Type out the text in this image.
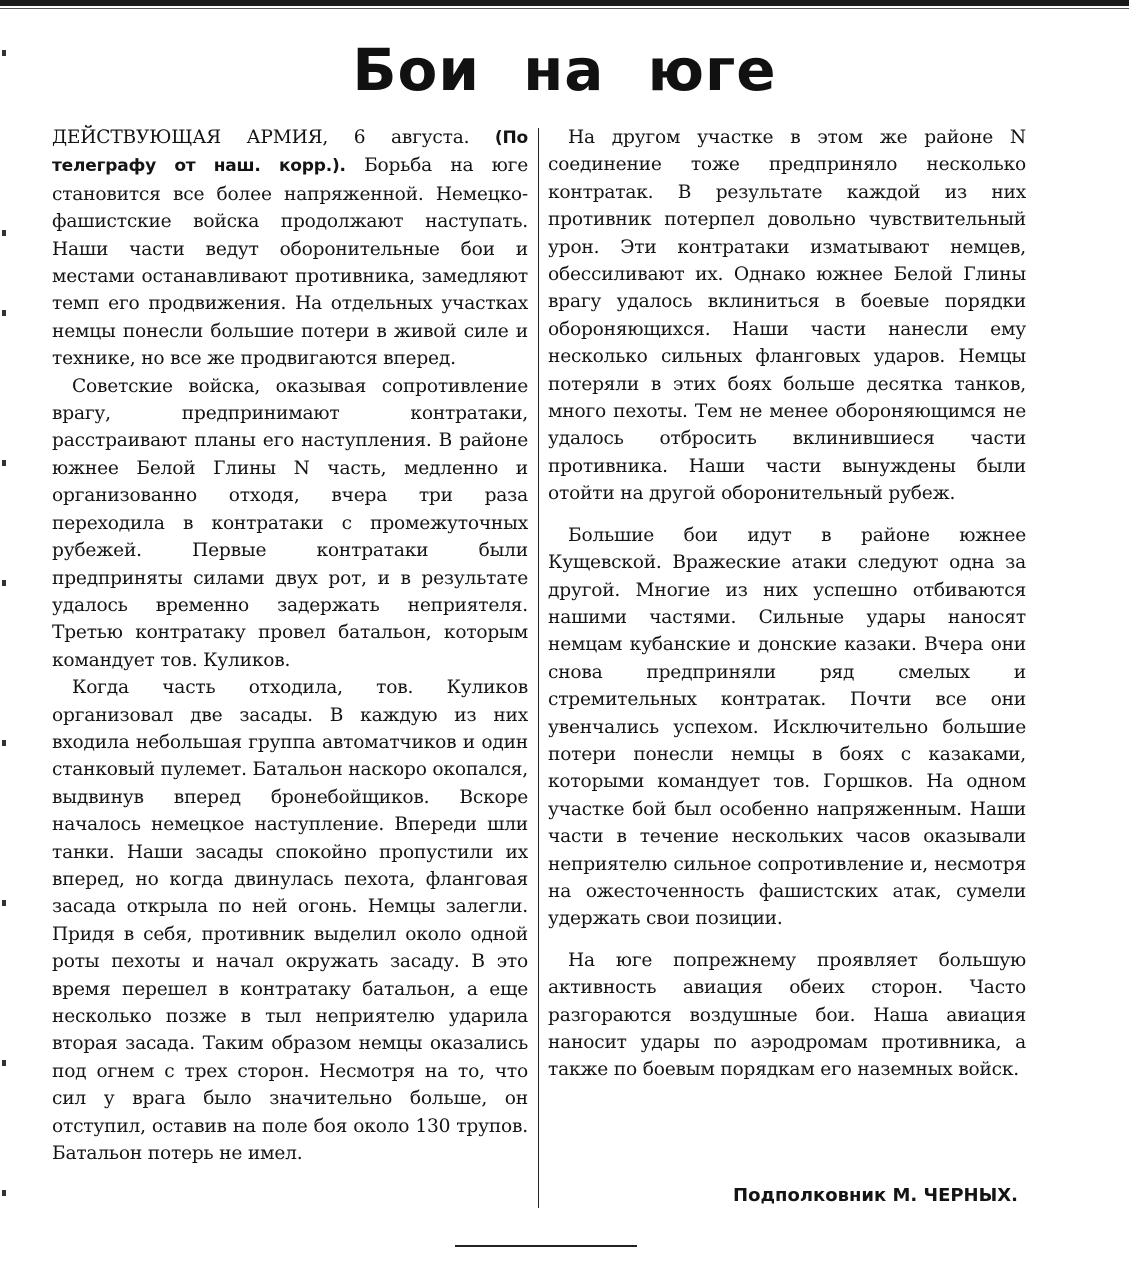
Бои на юге

ДЕЙСТВУЮЩАЯ АРМИЯ, 6 августа. (По телеграфу от наш. корр.). Борьба на юге становится все более напряженной. Немецко-фашистские войска продолжают наступать. Наши части ведут оборонительные бои и местами останавливают противника, замедляют темп его продвижения. На отдельных участках немцы понесли большие потери в живой силе и технике, но все же продвигаются вперед.

Советские войска, оказывая сопротивление врагу, предпринимают контратаки, расстраивают планы его наступления. В районе южнее Белой Глины N часть, медленно и организованно отходя, вчера три раза переходила в контратаки с промежуточных рубежей. Первые контратаки были предприняты силами двух рот, и в результате удалось временно задержать неприятеля. Третью контратаку провел батальон, которым командует тов. Куликов.

Когда часть отходила, тов. Куликов организовал две засады. В каждую из них входила небольшая группа автоматчиков и один станковый пулемет. Батальон наскоро окопался, выдвинув вперед бронебойщиков. Вскоре началось немецкое наступление. Впереди шли танки. Наши засады спокойно пропустили их вперед, но когда двинулась пехота, фланговая засада открыла по ней огонь. Немцы залегли. Придя в себя, противник выделил около одной роты пехоты и начал окружать засаду. В это время перешел в контратаку батальон, а еще несколько позже в тыл неприятелю ударила вторая засада. Таким образом немцы оказались под огнем с трех сторон. Несмотря на то, что сил у врага было значительно больше, он отступил, оставив на поле боя около 130 трупов. Батальон потерь не имел.

На другом участке в этом же районе N соединение тоже предприняло несколько контратак. В результате каждой из них противник потерпел довольно чувствительный урон. Эти контратаки изматывают немцев, обессиливают их. Однако южнее Белой Глины врагу удалось вклиниться в боевые порядки обороняющихся. Наши части нанесли ему несколько сильных фланговых ударов. Немцы потеряли в этих боях больше десятка танков, много пехоты. Тем не менее обороняющимся не удалось отбросить вклинившиеся части противника. Наши части вынуждены были отойти на другой оборонительный рубеж.

Большие бои идут в районе южнее Кущевской. Вражеские атаки следуют одна за другой. Многие из них успешно отбиваются нашими частями. Сильные удары наносят немцам кубанские и донские казаки. Вчера они снова предприняли ряд смелых и стремительных контратак. Почти все они увенчались успехом. Исключительно большие потери понесли немцы в боях с казаками, которыми командует тов. Горшков. На одном участке бой был особенно напряженным. Наши части в течение нескольких часов оказывали неприятелю сильное сопротивление и, несмотря на ожесточенность фашистских атак, сумели удержать свои позиции.

На юге попрежнему проявляет большую активность авиация обеих сторон. Часто разгораются воздушные бои. Наша авиация наносит удары по аэродромам противника, а также по боевым порядкам его наземных войск.

Подполковник М. ЧЕРНЫХ.
